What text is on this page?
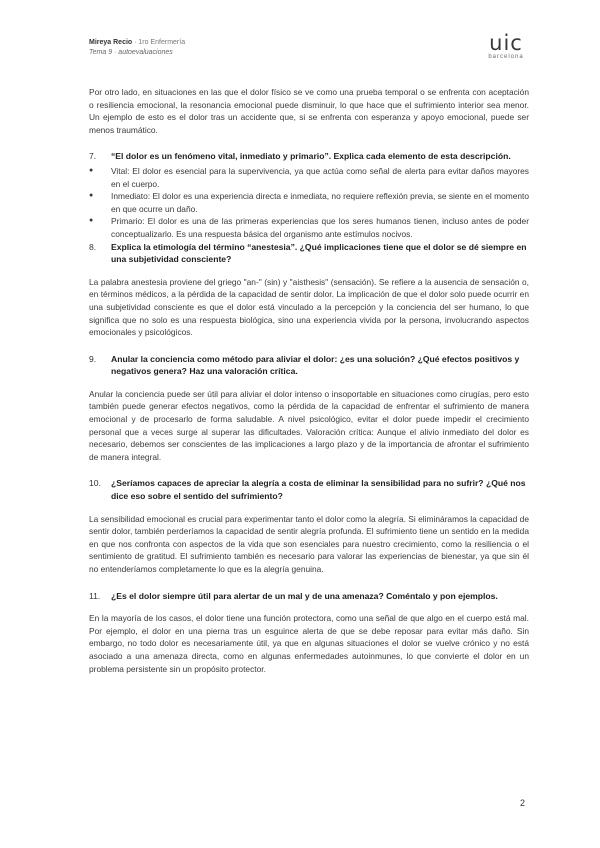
Mireya Recio · 1ro Enfermería
Tema 9 · autoevaluaciones	uic
barcelona

Por otro lado, en situaciones en las que el dolor físico se ve como una prueba temporal o se enfrenta con aceptación o resiliencia emocional, la resonancia emocional puede disminuir, lo que hace que el sufrimiento interior sea menor. Un ejemplo de esto es el dolor tras un accidente que, si se enfrenta con esperanza y apoyo emocional, puede ser menos traumático.

7.	“El dolor es un fenómeno vital, inmediato y primario”. Explica cada elemento de esta descripción.
●	Vital: El dolor es esencial para la supervivencia, ya que actúa como señal de alerta para evitar daños mayores en el cuerpo.
●	Inmediato: El dolor es una experiencia directa e inmediata, no requiere reflexión previa, se siente en el momento en que ocurre un daño.
●	Primario: El dolor es una de las primeras experiencias que los seres humanos tienen, incluso antes de poder conceptualizarlo. Es una respuesta básica del organismo ante estímulos nocivos.
8.	Explica la etimología del término “anestesia”. ¿Qué implicaciones tiene que el dolor se dé siempre en una subjetividad consciente?

La palabra anestesia proviene del griego "an-" (sin) y "aisthesis" (sensación). Se refiere a la ausencia de sensación o, en términos médicos, a la pérdida de la capacidad de sentir dolor. La implicación de que el dolor solo puede ocurrir en una subjetividad consciente es que el dolor está vinculado a la percepción y la conciencia del ser humano, lo que significa que no solo es una respuesta biológica, sino una experiencia vivida por la persona, involucrando aspectos emocionales y psicológicos.

9.	Anular la conciencia como método para aliviar el dolor: ¿es una solución? ¿Qué efectos positivos y negativos genera? Haz una valoración crítica.

Anular la conciencia puede ser útil para aliviar el dolor intenso o insoportable en situaciones como cirugías, pero esto también puede generar efectos negativos, como la pérdida de la capacidad de enfrentar el sufrimiento de manera emocional y de procesarlo de forma saludable. A nivel psicológico, evitar el dolor puede impedir el crecimiento personal que a veces surge al superar las dificultades. Valoración crítica: Aunque el alivio inmediato del dolor es necesario, debemos ser conscientes de las implicaciones a largo plazo y de la importancia de afrontar el sufrimiento de manera integral.

10.	¿Seríamos capaces de apreciar la alegría a costa de eliminar la sensibilidad para no sufrir? ¿Qué nos dice eso sobre el sentido del sufrimiento?

La sensibilidad emocional es crucial para experimentar tanto el dolor como la alegría. Si elimináramos la capacidad de sentir dolor, también perderíamos la capacidad de sentir alegría profunda. El sufrimiento tiene un sentido en la medida en que nos confronta con aspectos de la vida que son esenciales para nuestro crecimiento, como la resiliencia o el sentimiento de gratitud. El sufrimiento también es necesario para valorar las experiencias de bienestar, ya que sin él no entenderíamos completamente lo que es la alegría genuina.

11.	¿Es el dolor siempre útil para alertar de un mal y de una amenaza? Coméntalo y pon ejemplos.

En la mayoría de los casos, el dolor tiene una función protectora, como una señal de que algo en el cuerpo está mal. Por ejemplo, el dolor en una pierna tras un esguince alerta de que se debe reposar para evitar más daño. Sin embargo, no todo dolor es necesariamente útil, ya que en algunas situaciones el dolor se vuelve crónico y no está asociado a una amenaza directa, como en algunas enfermedades autoinmunes, lo que convierte el dolor en un problema persistente sin un propósito protector.

2
